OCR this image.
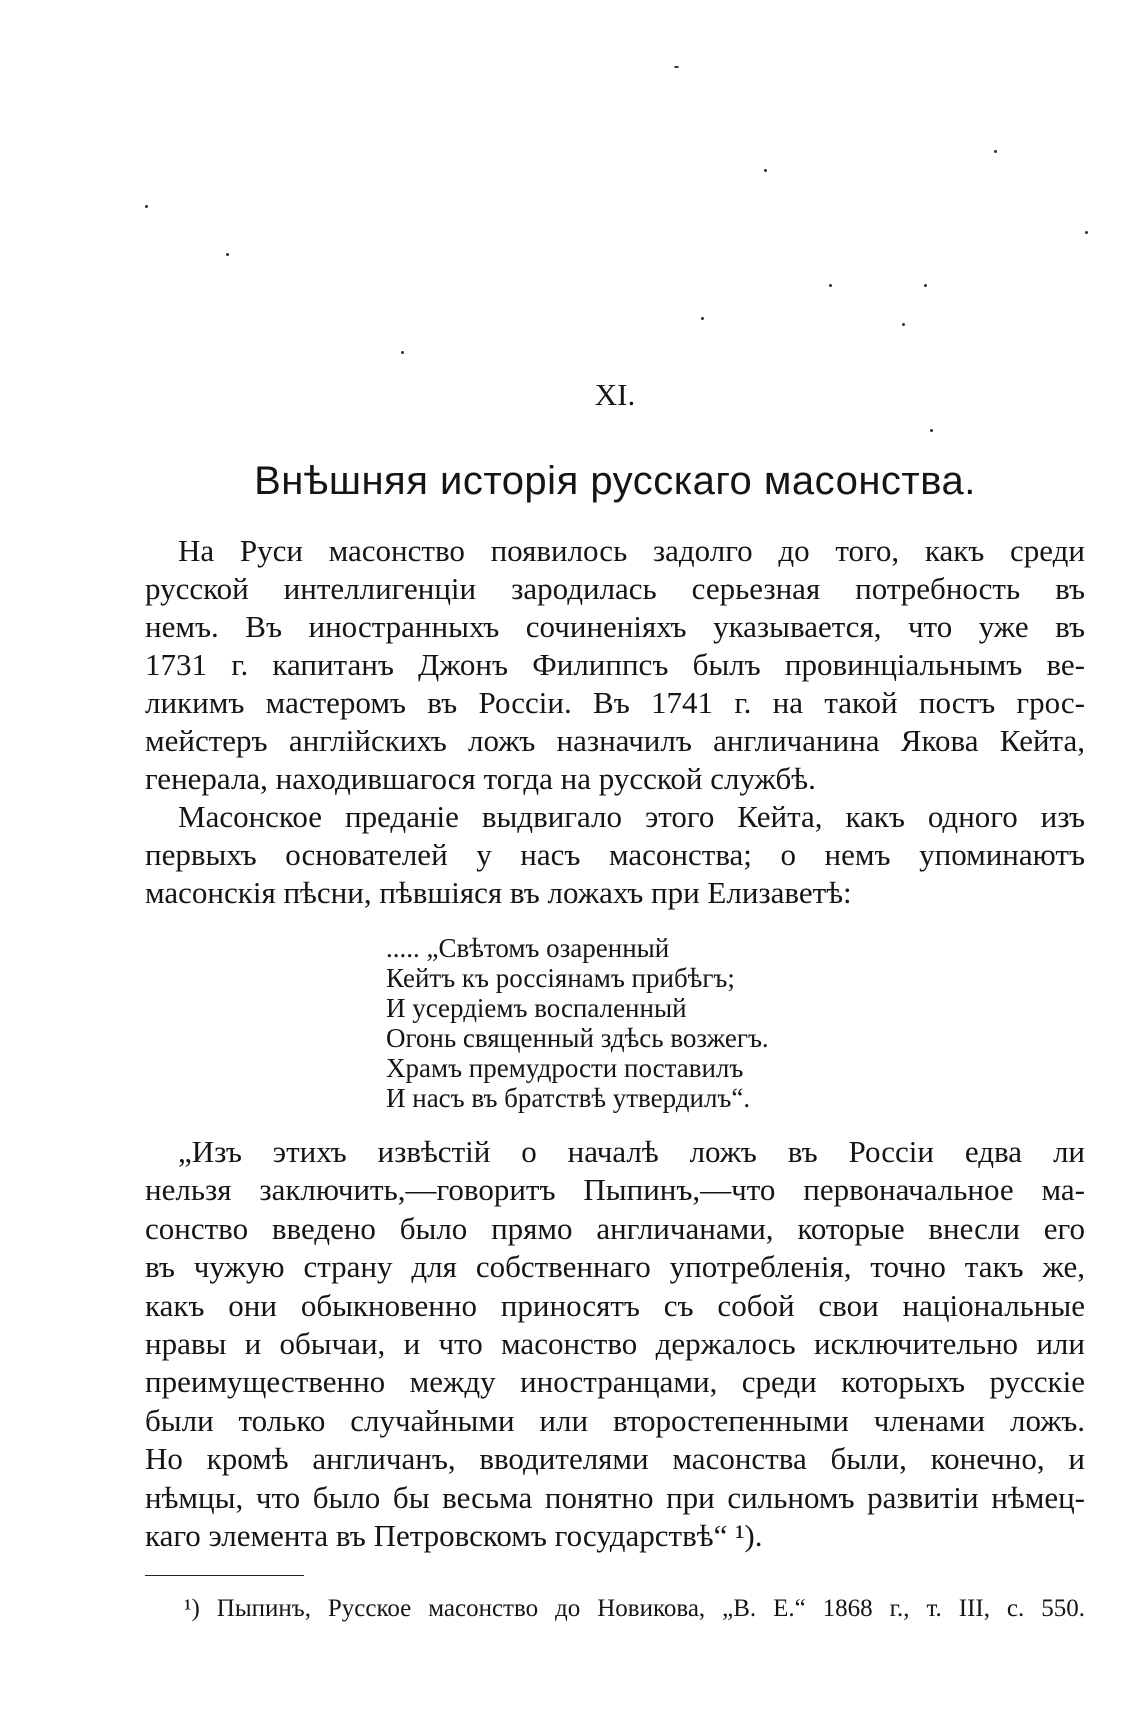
XI.
Внѣшняя исторія русскаго масонства.
На Руси масонство появилось задолго до того, какъ среди
русской интеллигенціи зародилась серьезная потребность въ
немъ. Въ иностранныхъ сочиненіяхъ указывается, что уже въ
1731 г. капитанъ Джонъ Филиппсъ былъ провинціальнымъ ве-
ликимъ мастеромъ въ Россіи. Въ 1741 г. на такой постъ грос-
мейстеръ англійскихъ ложъ назначилъ англичанина Якова Кейта,
генерала, находившагося тогда на русской службѣ.
Масонское преданіе выдвигало этого Кейта, какъ одного изъ
первыхъ основателей у насъ масонства; о немъ упоминаютъ
масонскія пѣсни, пѣвшіяся въ ложахъ при Елизаветѣ:
..... „Свѣтомъ озаренный
Кейтъ къ россіянамъ прибѣгъ;
И усердіемъ воспаленный
Огонь священный здѣсь возжегъ.
Храмъ премудрости поставилъ
И насъ въ братствѣ утвердилъ“.
„Изъ этихъ извѣстій о началѣ ложъ въ Россіи едва ли
нельзя заключить,—говоритъ Пыпинъ,—что первоначальное ма-
сонство введено было прямо англичанами, которые внесли его
въ чужую страну для собственнаго употребленія, точно такъ же,
какъ они обыкновенно приносятъ съ собой свои національные
нравы и обычаи, и что масонство держалось исключительно или
преимущественно между иностранцами, среди которыхъ русскіе
были только случайными или второстепенными членами ложъ.
Но кромѣ англичанъ, вводителями масонства были, конечно, и
нѣмцы, что было бы весьма понятно при сильномъ развитіи нѣмец-
каго элемента въ Петровскомъ государствѣ“ ¹).
¹) Пыпинъ, Русское масонство до Новикова, „В. Е.“ 1868 г., т. III, с. 550.
